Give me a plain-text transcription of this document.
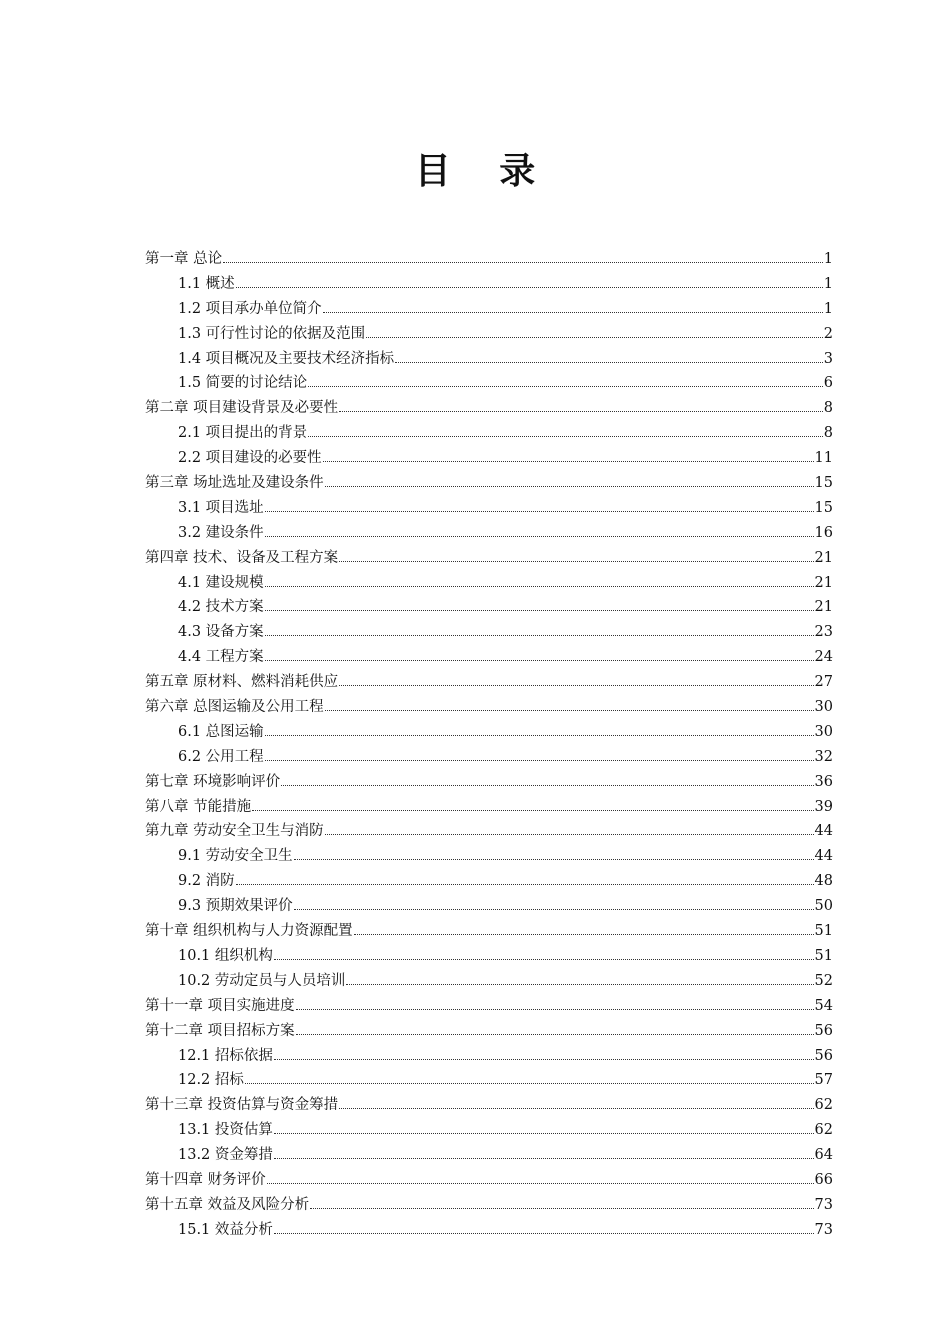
目 录
第一章 总论	1
1.1 概述	1
1.2 项目承办单位简介	1
1.3 可行性讨论的依据及范围	2
1.4 项目概况及主要技术经济指标	3
1.5 简要的讨论结论	6
第二章 项目建设背景及必要性	8
2.1 项目提出的背景	8
2.2 项目建设的必要性	11
第三章 场址选址及建设条件	15
3.1 项目选址	15
3.2 建设条件	16
第四章 技术、设备及工程方案	21
4.1 建设规模	21
4.2 技术方案	21
4.3 设备方案	23
4.4 工程方案	24
第五章 原材料、燃料消耗供应	27
第六章 总图运输及公用工程	30
6.1 总图运输	30
6.2 公用工程	32
第七章 环境影响评价	36
第八章 节能措施	39
第九章 劳动安全卫生与消防	44
9.1 劳动安全卫生	44
9.2 消防	48
9.3 预期效果评价	50
第十章 组织机构与人力资源配置	51
10.1 组织机构	51
10.2 劳动定员与人员培训	52
第十一章 项目实施进度	54
第十二章 项目招标方案	56
12.1 招标依据	56
12.2 招标	57
第十三章 投资估算与资金筹措	62
13.1 投资估算	62
13.2 资金筹措	64
第十四章 财务评价	66
第十五章 效益及风险分析	73
15.1 效益分析	73
